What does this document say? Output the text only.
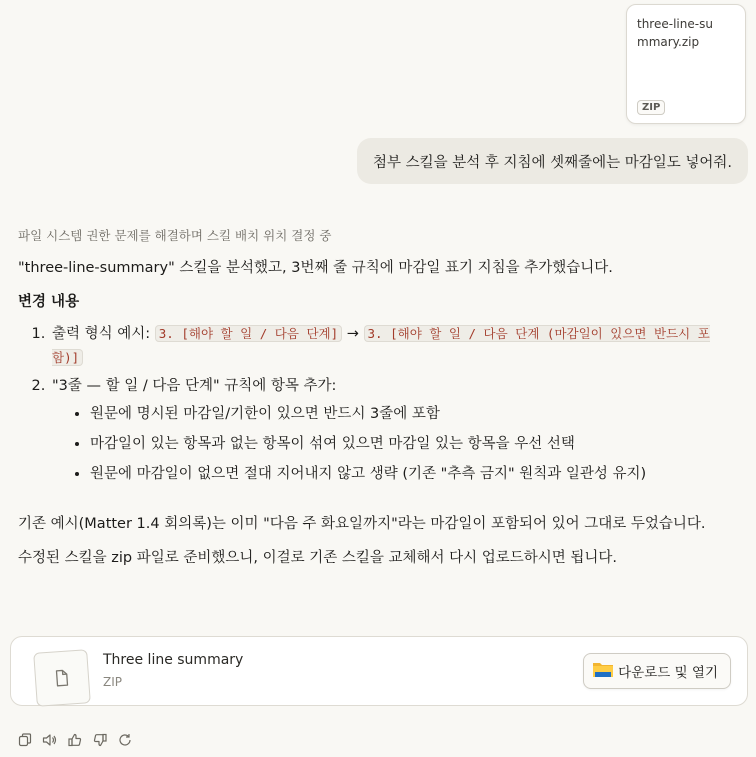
three-line-summary.zip
ZIP
첨부 스킬을 분석 후 지침에 셋째줄에는 마감일도 넣어줘.
파일 시스템 권한 문제를 해결하며 스킬 배치 위치 결정 중

"three-line-summary" 스킬을 분석했고, 3번째 줄 규칙에 마감일 표기 지침을 추가했습니다.

변경 내용

1. 출력 형식 예시: 3. [해야 할 일 / 다음 단계] → 3. [해야 할 일 / 다음 단계 (마감일이 있으면 반드시 포함)]
2. "3줄 — 할 일 / 다음 단계" 규칙에 항목 추가:
• 원문에 명시된 마감일/기한이 있으면 반드시 3줄에 포함
• 마감일이 있는 항목과 없는 항목이 섞여 있으면 마감일 있는 항목을 우선 선택
• 원문에 마감일이 없으면 절대 지어내지 않고 생략 (기존 "추측 금지" 원칙과 일관성 유지)

기존 예시(Matter 1.4 회의록)는 이미 "다음 주 화요일까지"라는 마감일이 포함되어 있어 그대로 두었습니다.

수정된 스킬을 zip 파일로 준비했으니, 이걸로 기존 스킬을 교체해서 다시 업로드하시면 됩니다.

Three line summary
ZIP
다운로드 및 열기
